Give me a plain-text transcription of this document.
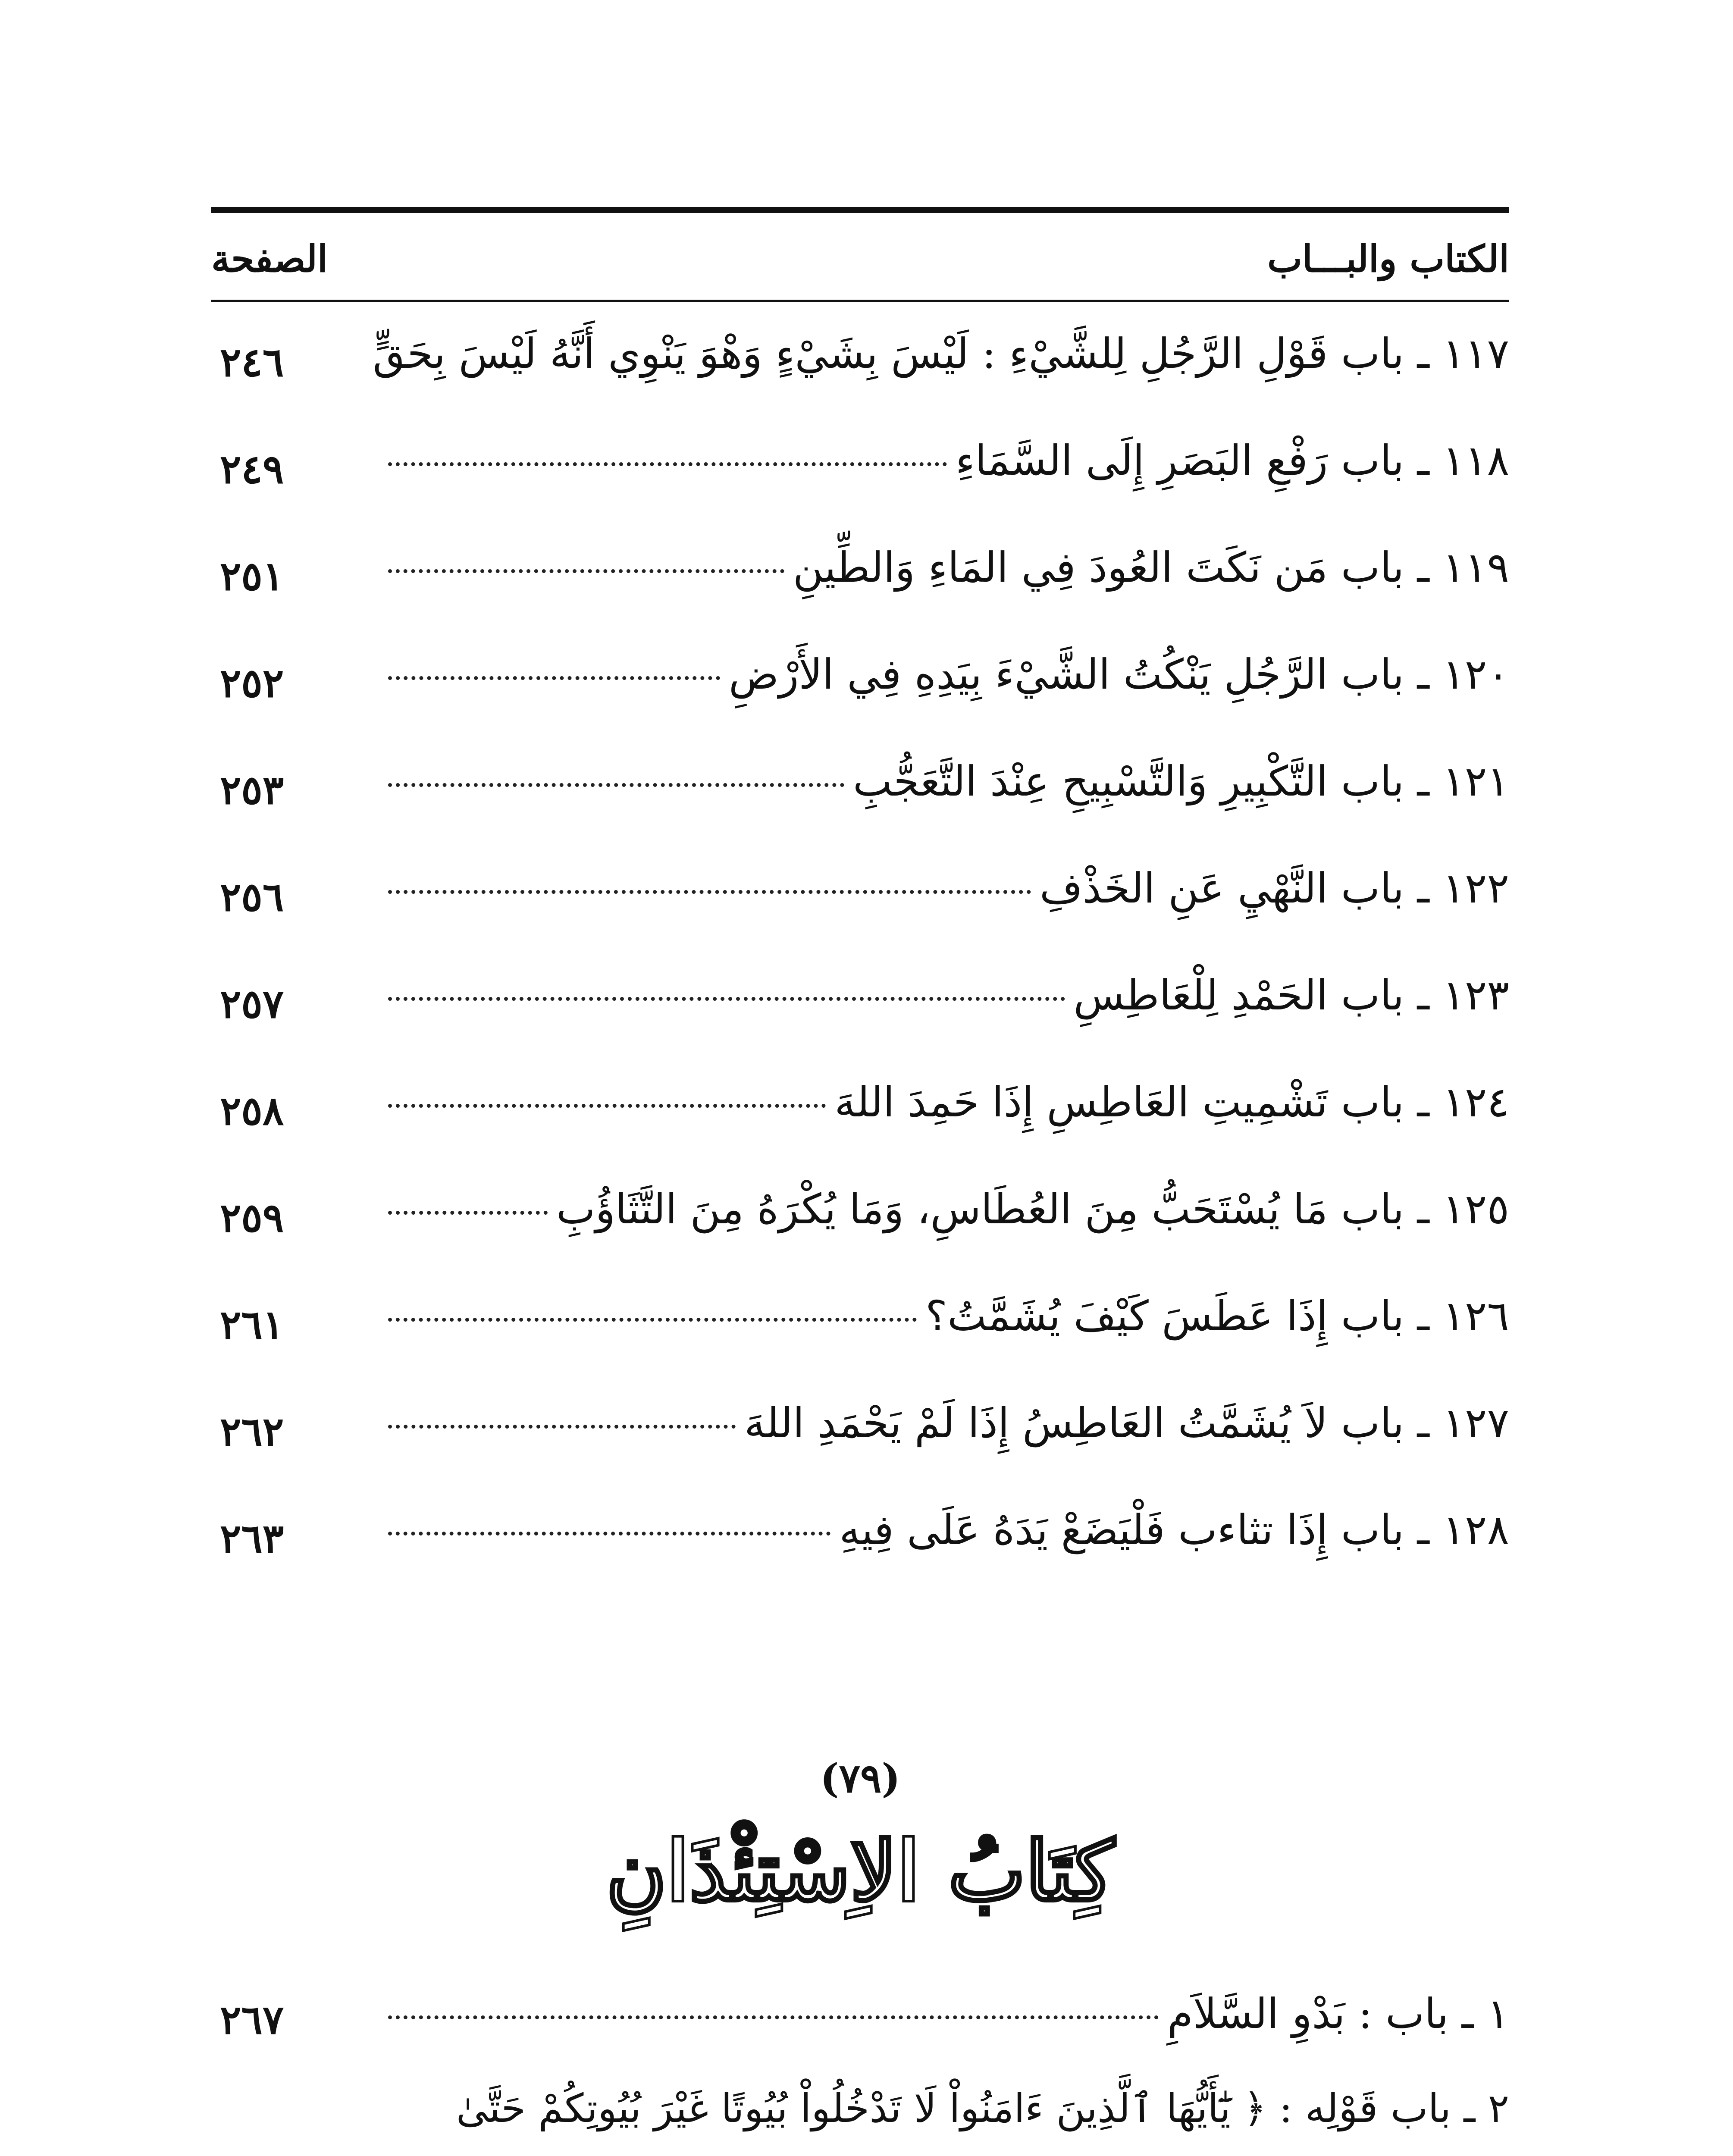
الكتاب والبـــاب
الصفحة
١١٧ ـ باب قَوْلِ الرَّجُلِ لِلشَّيْءِ : لَيْسَ بِشَيْءٍ وَهْوَ يَنْوِي أَنَّهُ لَيْسَ بِحَقٍّ
٢٤٦
١١٨ ـ باب رَفْعِ البَصَرِ إِلَى السَّمَاءِ
٢٤٩
١١٩ ـ باب مَن نَكَتَ العُودَ فِي المَاءِ وَالطِّينِ
٢٥١
١٢٠ ـ باب الرَّجُلِ يَنْكُتُ الشَّيْءَ بِيَدِهِ فِي الأَرْضِ
٢٥٢
١٢١ ـ باب التَّكْبِيرِ وَالتَّسْبِيحِ عِنْدَ التَّعَجُّبِ
٢٥٣
١٢٢ ـ باب النَّهْيِ عَنِ الخَذْفِ
٢٥٦
١٢٣ ـ باب الحَمْدِ لِلْعَاطِسِ
٢٥٧
١٢٤ ـ باب تَشْمِيتِ العَاطِسِ إِذَا حَمِدَ اللهَ
٢٥٨
١٢٥ ـ باب مَا يُسْتَحَبُّ مِنَ العُطَاسِ، وَمَا يُكْرَهُ مِنَ التَّثَاؤُبِ
٢٥٩
١٢٦ ـ باب إِذَا عَطَسَ كَيْفَ يُشَمَّتُ؟
٢٦١
١٢٧ ـ باب لاَ يُشَمَّتُ العَاطِسُ إِذَا لَمْ يَحْمَدِ اللهَ
٢٦٢
١٢٨ ـ باب إِذَا تثاءب فَلْيَضَعْ يَدَهُ عَلَى فِيهِ
٢٦٣
(٧٩)
كِتَابُ الاِسْتِئْذَانِ
١ ـ باب : بَدْوِ السَّلاَمِ
٢٦٧
٢ ـ باب قَوْلِه : ﴿ يَٰٓأَيُّهَا ٱلَّذِينَ ءَامَنُواْ لَا تَدْخُلُواْ بُيُوتًا غَيْرَ بُيُوتِكُمْ حَتَّىٰ
